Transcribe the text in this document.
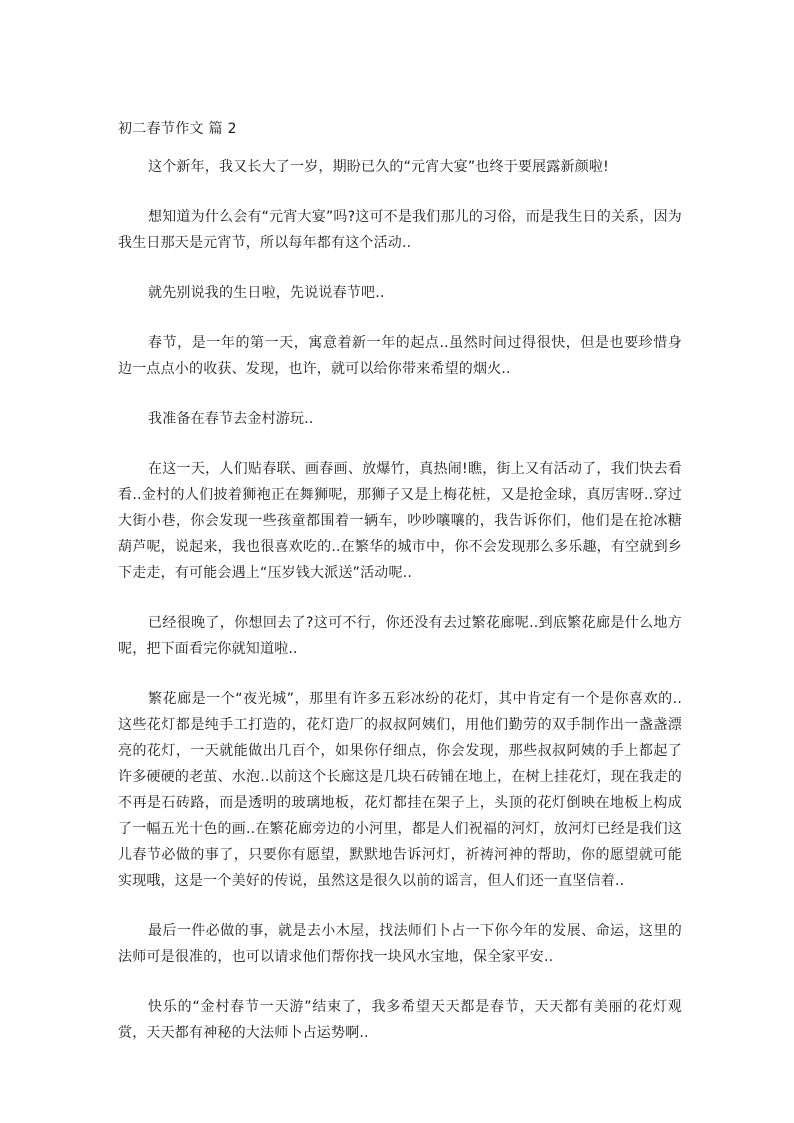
初二春节作文 篇 2

这个新年，我又长大了一岁，期盼已久的“元宵大宴”也终于要展露新颜啦!

想知道为什么会有“元宵大宴”吗?这可不是我们那儿的习俗，而是我生日的关系，因为我生日那天是元宵节，所以每年都有这个活动..

就先别说我的生日啦，先说说春节吧..

春节，是一年的第一天，寓意着新一年的起点..虽然时间过得很快，但是也要珍惜身边一点点小的收获、发现，也许，就可以给你带来希望的烟火..

我准备在春节去金村游玩..

在这一天，人们贴春联、画春画、放爆竹，真热闹!瞧，街上又有活动了，我们快去看看..金村的人们披着狮袍正在舞狮呢，那狮子又是上梅花桩，又是抢金球，真厉害呀..穿过大街小巷，你会发现一些孩童都围着一辆车，吵吵嚷嚷的，我告诉你们，他们是在抢冰糖葫芦呢，说起来，我也很喜欢吃的..在繁华的城市中，你不会发现那么多乐趣，有空就到乡下走走，有可能会遇上“压岁钱大派送”活动呢..

已经很晚了，你想回去了?这可不行，你还没有去过繁花廊呢..到底繁花廊是什么地方呢，把下面看完你就知道啦..

繁花廊是一个“夜光城”，那里有许多五彩冰纷的花灯，其中肯定有一个是你喜欢的..这些花灯都是纯手工打造的，花灯造厂的叔叔阿姨们，用他们勤劳的双手制作出一盏盏漂亮的花灯，一天就能做出几百个，如果你仔细点，你会发现，那些叔叔阿姨的手上都起了许多硬硬的老茧、水泡..以前这个长廊这是几块石砖铺在地上，在树上挂花灯，现在我走的不再是石砖路，而是透明的玻璃地板，花灯都挂在架子上，头顶的花灯倒映在地板上构成了一幅五光十色的画..在繁花廊旁边的小河里，都是人们祝福的河灯，放河灯已经是我们这儿春节必做的事了，只要你有愿望，默默地告诉河灯，祈祷河神的帮助，你的愿望就可能实现哦，这是一个美好的传说，虽然这是很久以前的谣言，但人们还一直坚信着..

最后一件必做的事，就是去小木屋，找法师们卜占一下你今年的发展、命运，这里的法师可是很准的，也可以请求他们帮你找一块风水宝地，保全家平安..

快乐的“金村春节一天游”结束了，我多希望天天都是春节，天天都有美丽的花灯观赏，天天都有神秘的大法师卜占运势啊..
